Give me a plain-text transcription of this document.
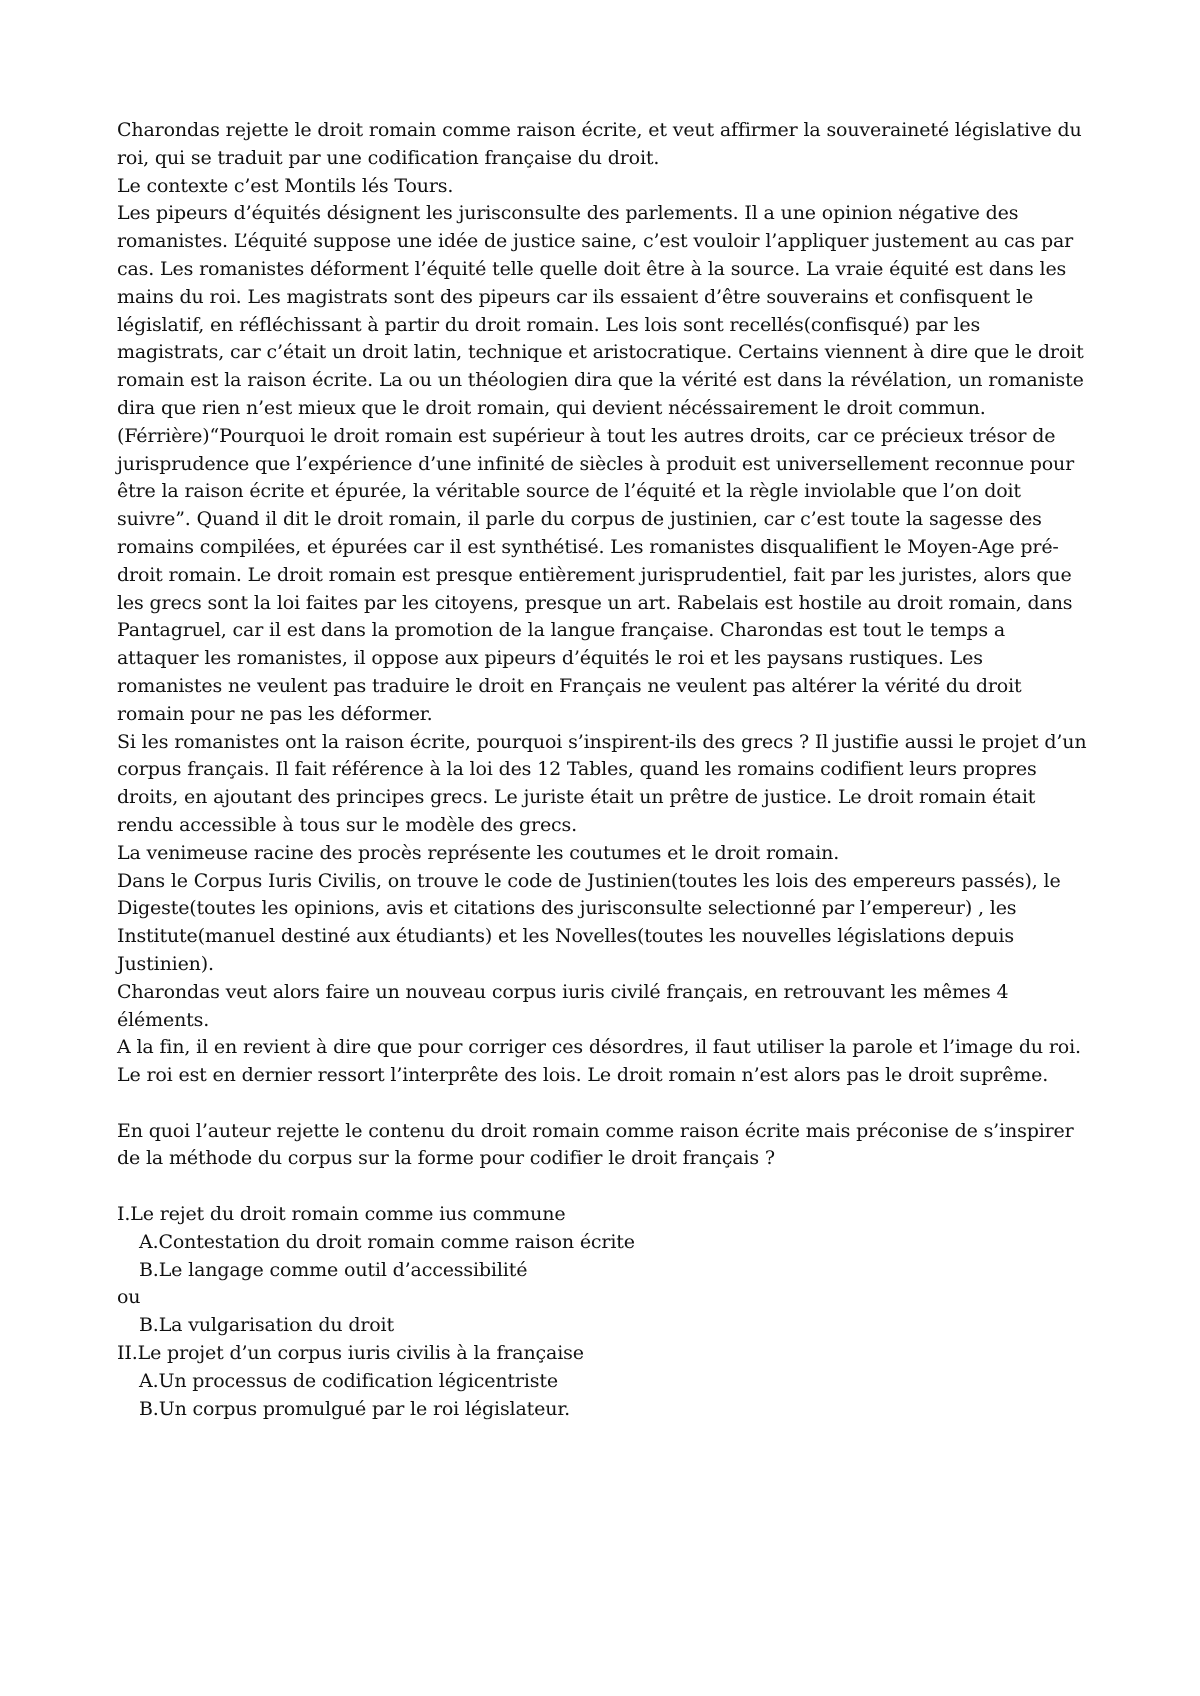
Charondas rejette le droit romain comme raison écrite, et veut affirmer la souveraineté législative du roi, qui se traduit par une codification française du droit.

Le contexte c’est Montils lés Tours.

Les pipeurs d’équités désignent les jurisconsulte des parlements. Il a une opinion négative des romanistes. L’équité suppose une idée de justice saine, c’est vouloir l’appliquer justement au cas par cas. Les romanistes déforment l’équité telle quelle doit être à la source. La vraie équité est dans les mains du roi. Les magistrats sont des pipeurs car ils essaient d’être souverains et confisquent le législatif, en réfléchissant à partir du droit romain. Les lois sont recellés(confisqué) par les magistrats, car c’était un droit latin, technique et aristocratique. Certains viennent à dire que le droit romain est la raison écrite. La ou un théologien dira que la vérité est dans la révélation, un romaniste dira que rien n’est mieux que le droit romain, qui devient nécéssairement le droit commun. (Férrière)“Pourquoi le droit romain est supérieur à tout les autres droits, car ce précieux trésor de jurisprudence que l’expérience d’une infinité de siècles à produit est universellement reconnue pour être la raison écrite et épurée, la véritable source de l’équité et la règle inviolable que l’on doit suivre”. Quand il dit le droit romain, il parle du corpus de justinien, car c’est toute la sagesse des romains compilées, et épurées car il est synthétisé. Les romanistes disqualifient le Moyen-Age pré-droit romain. Le droit romain est presque entièrement jurisprudentiel, fait par les juristes, alors que les grecs sont la loi faites par les citoyens, presque un art. Rabelais est hostile au droit romain, dans Pantagruel, car il est dans la promotion de la langue française. Charondas est tout le temps a attaquer les romanistes, il oppose aux pipeurs d’équités le roi et les paysans rustiques. Les romanistes ne veulent pas traduire le droit en Français ne veulent pas altérer la vérité du droit romain pour ne pas les déformer.

Si les romanistes ont la raison écrite, pourquoi s’inspirent-ils des grecs ? Il justifie aussi le projet d’un corpus français. Il fait référence à la loi des 12 Tables, quand les romains codifient leurs propres droits, en ajoutant des principes grecs. Le juriste était un prêtre de justice. Le droit romain était rendu accessible à tous sur le modèle des grecs.

La venimeuse racine des procès représente les coutumes et le droit romain.

Dans le Corpus Iuris Civilis, on trouve le code de Justinien(toutes les lois des empereurs passés), le Digeste(toutes les opinions, avis et citations des jurisconsulte selectionné par l’empereur) , les Institute(manuel destiné aux étudiants) et les Novelles(toutes les nouvelles législations depuis Justinien).

Charondas veut alors faire un nouveau corpus iuris civilé français, en retrouvant les mêmes 4 éléments.

A la fin, il en revient à dire que pour corriger ces désordres, il faut utiliser la parole et l’image du roi. Le roi est en dernier ressort l’interprête des lois. Le droit romain n’est alors pas le droit suprême.

En quoi l’auteur rejette le contenu du droit romain comme raison écrite mais préconise de s’inspirer de la méthode du corpus sur la forme pour codifier le droit français ?

I.Le rejet du droit romain comme ius commune

A.Contestation du droit romain comme raison écrite

B.Le langage comme outil d’accessibilité

ou

B.La vulgarisation du droit

II.Le projet d’un corpus iuris civilis à la française

A.Un processus de codification légicentriste

B.Un corpus promulgué par le roi législateur.
